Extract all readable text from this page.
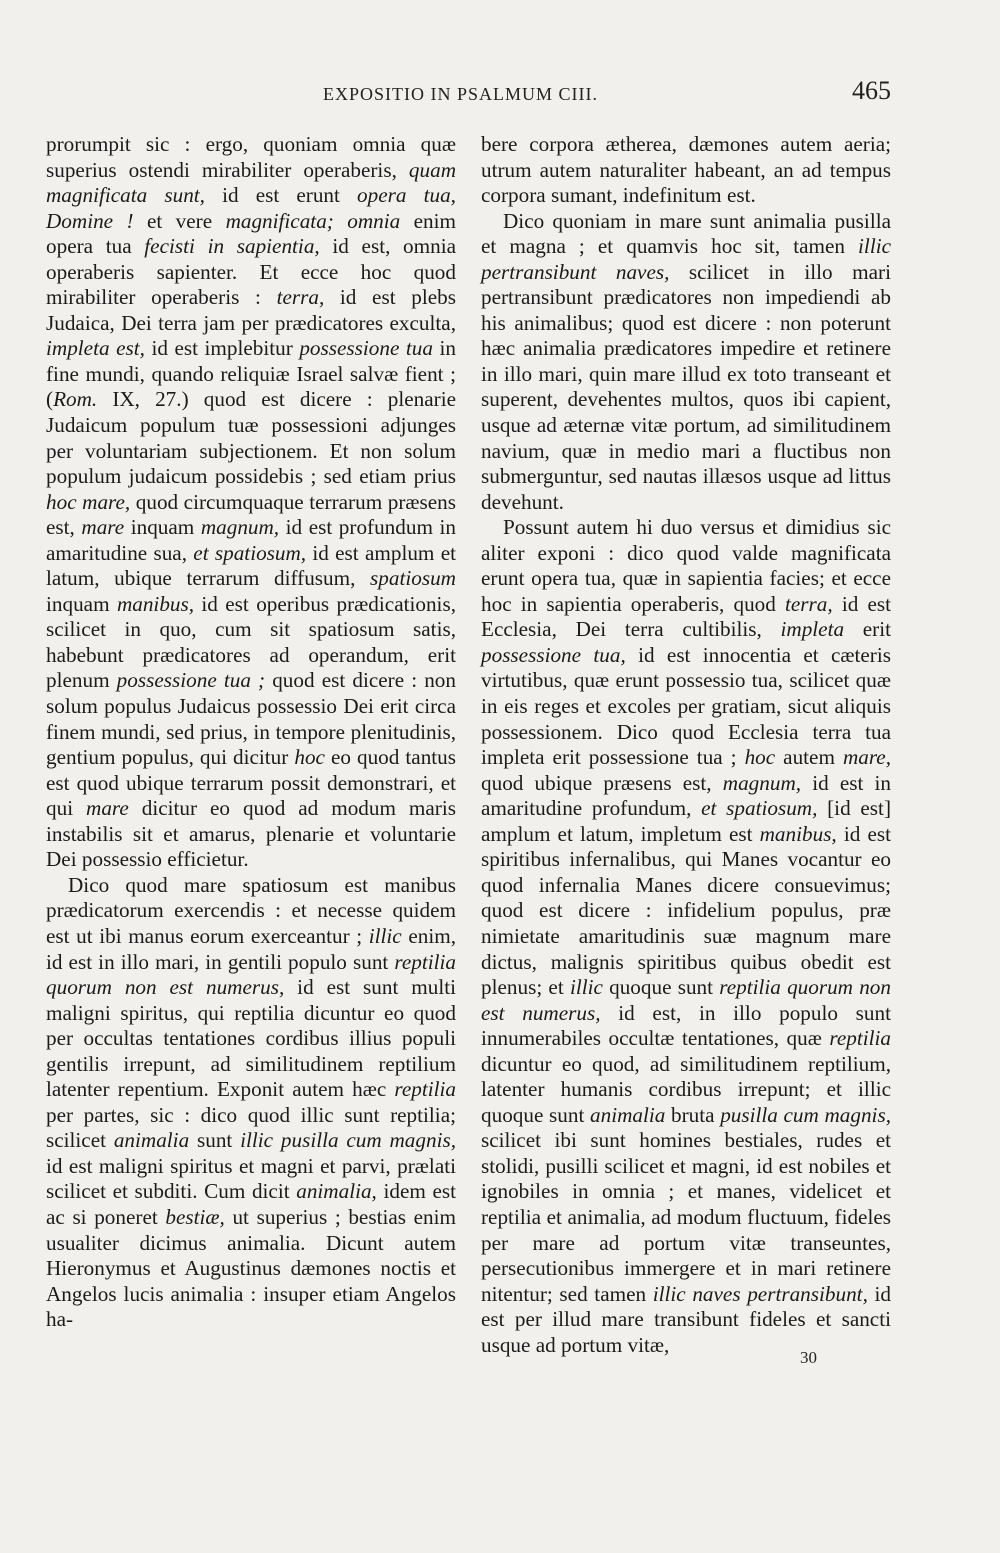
EXPOSITIO IN PSALMUM CIII.	465

prorumpit sic : ergo, quoniam omnia quæ superius ostendi mirabiliter operaberis, quam magnificata sunt, id est erunt opera tua, Domine ! et vere magnificata; omnia enim opera tua fecisti in sapientia, id est, omnia operaberis sapienter. Et ecce hoc quod mirabiliter operaberis : terra, id est plebs Judaica, Dei terra jam per prædicatores exculta, impleta est, id est implebitur possessione tua in fine mundi, quando reliquiæ Israel salvæ fient ; (Rom. IX, 27.) quod est dicere : plenarie Judaicum populum tuæ possessioni adjunges per voluntariam subjectionem. Et non solum populum judaicum possidebis ; sed etiam prius hoc mare, quod circumquaque terrarum præsens est, mare inquam magnum, id est profundum in amaritudine sua, et spatiosum, id est amplum et latum, ubique terrarum diffusum, spatiosum inquam manibus, id est operibus prædicationis, scilicet in quo, cum sit spatiosum satis, habebunt prædicatores ad operandum, erit plenum possessione tua ; quod est dicere : non solum populus Judaicus possessio Dei erit circa finem mundi, sed prius, in tempore plenitudinis, gentium populus, qui dicitur hoc eo quod tantus est quod ubique terrarum possit demonstrari, et qui mare dicitur eo quod ad modum maris instabilis sit et amarus, plenarie et voluntarie Dei possessio efficietur.

Dico quod mare spatiosum est manibus prædicatorum exercendis : et necesse quidem est ut ibi manus eorum exerceantur ; illic enim, id est in illo mari, in gentili populo sunt reptilia quorum non est numerus, id est sunt multi maligni spiritus, qui reptilia dicuntur eo quod per occultas tentationes cordibus illius populi gentilis irrepunt, ad similitudinem reptilium latenter repentium. Exponit autem hæc reptilia per partes, sic : dico quod illic sunt reptilia; scilicet animalia sunt illic pusilla cum magnis, id est maligni spiritus et magni et parvi, prælati scilicet et subditi. Cum dicit animalia, idem est ac si poneret bestiæ, ut superius ; bestias enim usualiter dicimus animalia. Dicunt autem Hieronymus et Augustinus dæmones noctis et Angelos lucis animalia : insuper etiam Angelos ha-

bere corpora ætherea, dæmones autem aeria; utrum autem naturaliter habeant, an ad tempus corpora sumant, indefinitum est.

Dico quoniam in mare sunt animalia pusilla et magna ; et quamvis hoc sit, tamen illic pertransibunt naves, scilicet in illo mari pertransibunt prædicatores non impediendi ab his animalibus; quod est dicere : non poterunt hæc animalia prædicatores impedire et retinere in illo mari, quin mare illud ex toto transeant et superent, devehentes multos, quos ibi capient, usque ad æternæ vitæ portum, ad similitudinem navium, quæ in medio mari a fluctibus non submerguntur, sed nautas illæsos usque ad littus devehunt.

Possunt autem hi duo versus et dimidius sic aliter exponi : dico quod valde magnificata erunt opera tua, quæ in sapientia facies; et ecce hoc in sapientia operaberis, quod terra, id est Ecclesia, Dei terra cultibilis, impleta erit possessione tua, id est innocentia et cæteris virtutibus, quæ erunt possessio tua, scilicet quæ in eis reges et excoles per gratiam, sicut aliquis possessionem. Dico quod Ecclesia terra tua impleta erit possessione tua ; hoc autem mare, quod ubique præsens est, magnum, id est in amaritudine profundum, et spatiosum, [id est] amplum et latum, impletum est manibus, id est spiritibus infernalibus, qui Manes vocantur eo quod infernalia Manes dicere consuevimus; quod est dicere : infidelium populus, præ nimietate amaritudinis suæ magnum mare dictus, malignis spiritibus quibus obedit est plenus; et illic quoque sunt reptilia quorum non est numerus, id est, in illo populo sunt innumerabiles occultæ tentationes, quæ reptilia dicuntur eo quod, ad similitudinem reptilium, latenter humanis cordibus irrepunt; et illic quoque sunt animalia bruta pusilla cum magnis, scilicet ibi sunt homines bestiales, rudes et stolidi, pusilli scilicet et magni, id est nobiles et ignobiles in omnia ; et manes, videlicet et reptilia et animalia, ad modum fluctuum, fideles per mare ad portum vitæ transeuntes, persecutionibus immergere et in mari retinere nitentur; sed tamen illic naves pertransibunt, id est per illud mare transibunt fideles et sancti usque ad portum vitæ,

30
